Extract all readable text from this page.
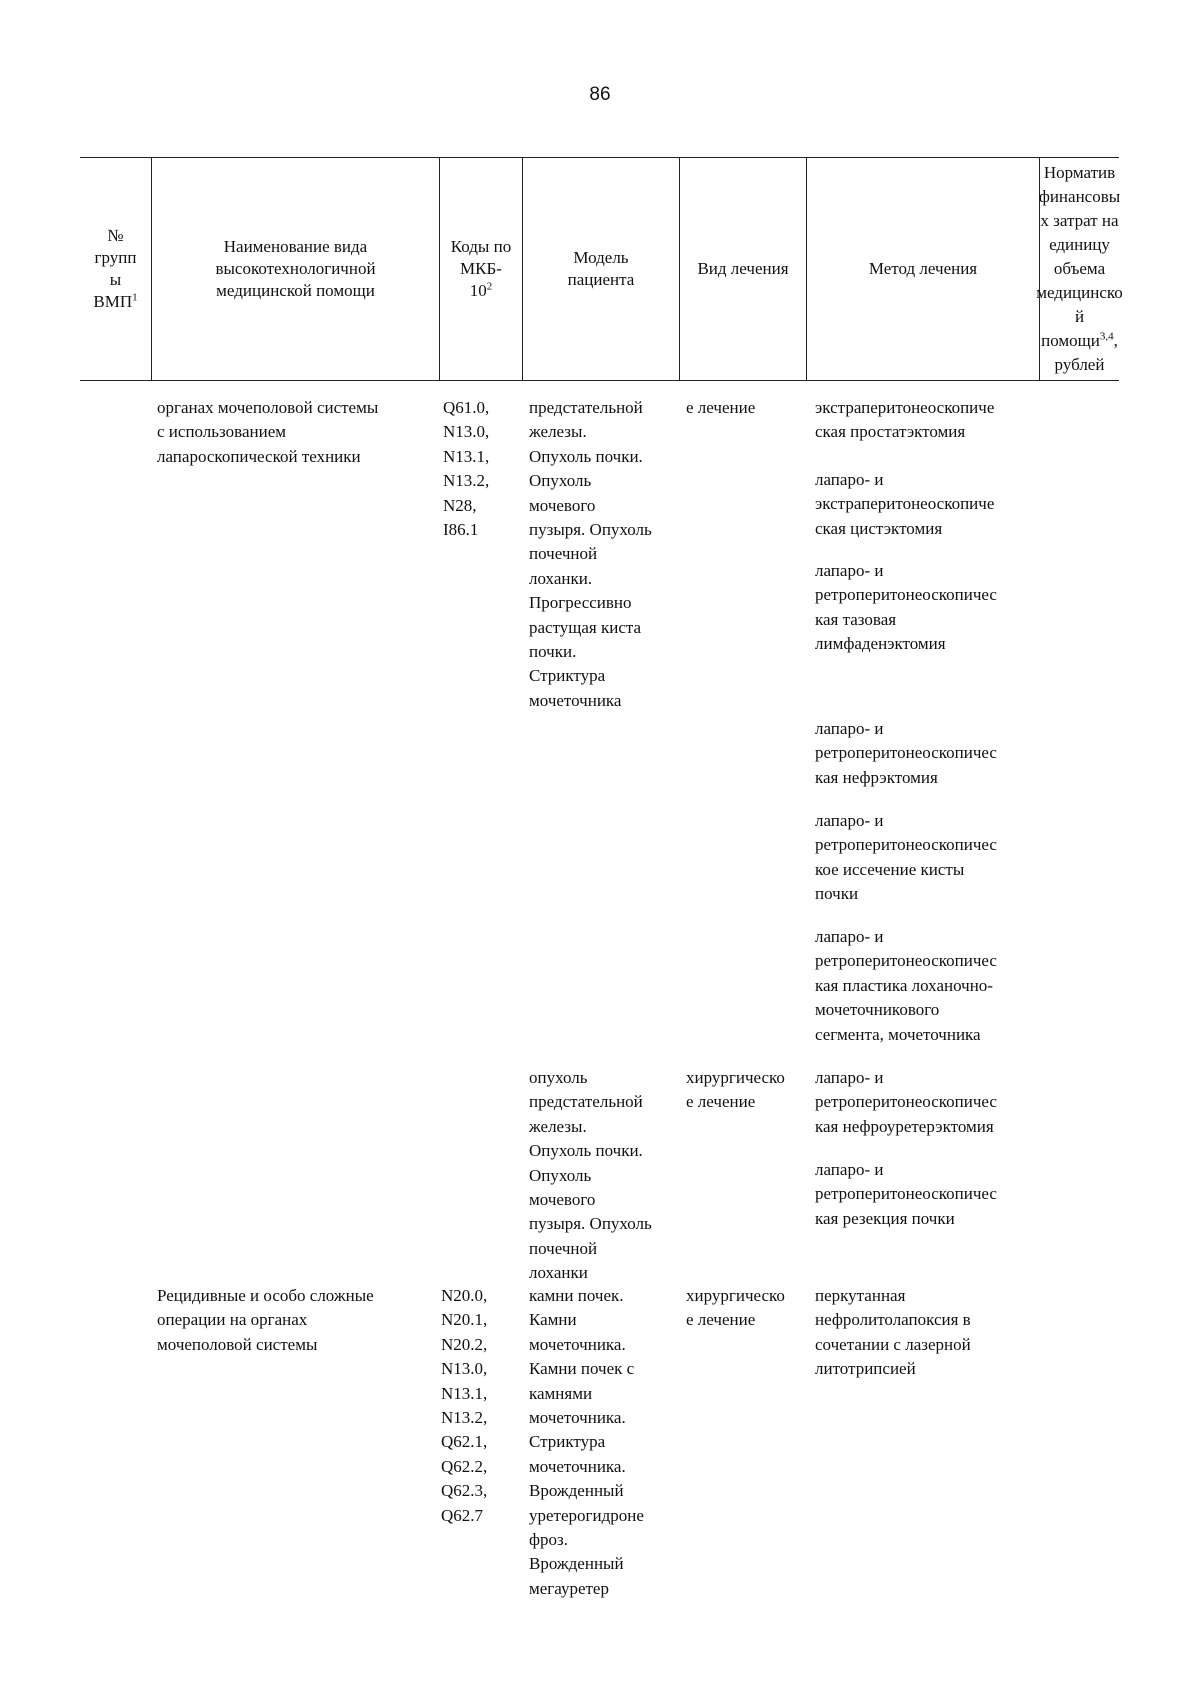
86
№
групп
ы
ВМП$^1$
Наименование вида
высокотехнологичной
медицинской помощи
Коды по
МКБ-
$10^2$
Модель
пациента
Вид лечения	Метод лечения
Норматив
финансовы
х затрат на
единицу
объема
медицинско
й
помощи$^{3,4}$,
рублей
органах мочеполовой системы
с использованием
лапароскопической техники
Q61.0,
N13.0,
N13.1,
N13.2,
N28,
I86.1
предстательной
железы.
Опухоль почки.
Опухоль
мочевого
пузыря. Опухоль
почечной
лоханки.
Прогрессивно
растущая киста
почки.
Стриктура
мочеточника
е лечение	экстраперитонеоскопиче
ская простатэктомия
лапаро- и
экстраперитонеоскопиче
ская цистэктомия
лапаро- и
ретроперитонеоскопичес
кая тазовая
лимфаденэктомия
лапаро- и
ретроперитонеоскопичес
кая нефрэктомия
лапаро- и
ретроперитонеоскопичес
кое иссечение кисты
почки
лапаро- и
ретроперитонеоскопичес
кая пластика лоханочно-
мочеточникового
сегмента, мочеточника
опухоль
предстательной
железы.
Опухоль почки.
Опухоль
мочевого
пузыря. Опухоль
почечной
лоханки
хирургическо
е лечение
лапаро- и
ретроперитонеоскопичес
кая нефроуретерэктомия
лапаро- и
ретроперитонеоскопичес
кая резекция почки
Рецидивные и особо сложные
операции на органах
мочеполовой системы
N20.0,
N20.1,
N20.2,
N13.0,
N13.1,
N13.2,
Q62.1,
Q62.2,
Q62.3,
Q62.7
камни почек.
Камни
мочеточника.
Камни почек с
камнями
мочеточника.
Стриктура
мочеточника.
Врожденный
уретерогидроне
фроз.
Врожденный
мегауретер
хирургическо
е лечение
перкутанная
нефролитолапоксия в
сочетании с лазерной
литотрипсией
